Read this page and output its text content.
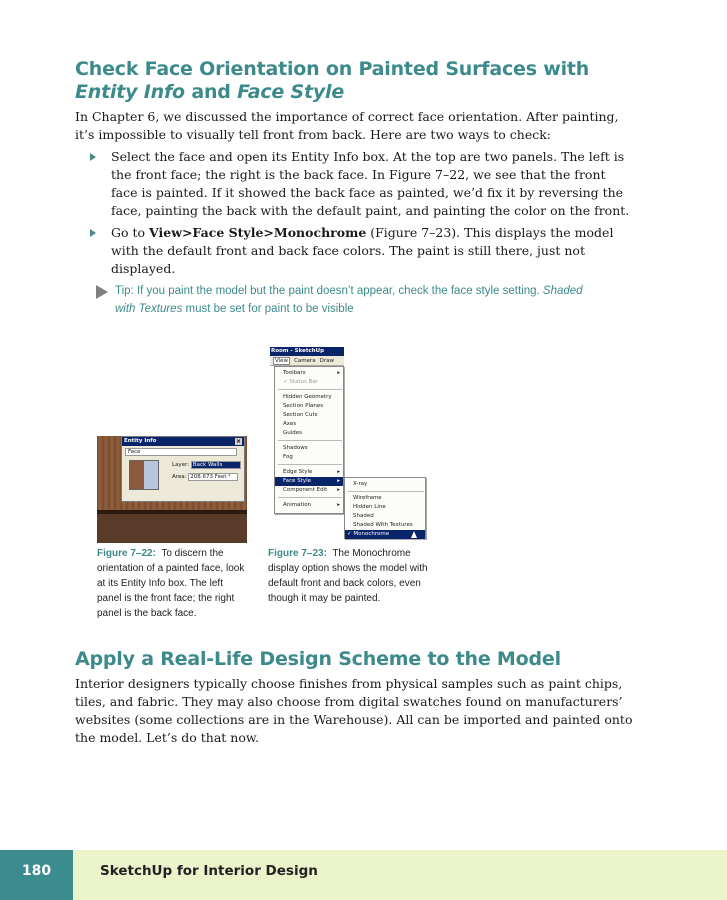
Check Face Orientation on Painted Surfaces with Entity Info and Face Style

In Chapter 6, we discussed the importance of correct face orientation. After painting, it’s impossible to visually tell front from back. Here are two ways to check:

Select the face and open its Entity Info box. At the top are two panels. The left is the front face; the right is the back face. In Figure 7–22, we see that the front face is painted. If it showed the back face as painted, we’d fix it by reversing the face, painting the back with the default paint, and painting the color on the front.
Go to View>Face Style>Monochrome (Figure 7–23). This displays the model with the default front and back face colors. The paint is still there, just not displayed.
Tip: If you paint the model but the paint doesn’t appear, check the face style setting. Shaded with Textures must be set for paint to be visible
Entity Info	×
Face
Layer: Back Walls
Area: 208.673 Feet ²
Room - SketchUp
View Camera Draw
Toolbars	▸
✓ Status Bar
Hidden Geometry
Section Planes
Section Cuts
Axes
Guides
Shadows
Fog
Edge Style	▸
Face Style	▸
Component Edit ▸
Animation	▸
X-ray
Wireframe
Hidden Line
Shaded
Shaded With Textures
✓ Monochrome

Figure 7–22: To discern the orientation of a painted face, look at its Entity Info box. The left panel is the front face; the right panel is the back face.

Figure 7–23: The Monochrome display option shows the model with default front and back colors, even though it may be painted.

Apply a Real-Life Design Scheme to the Model

Interior designers typically choose finishes from physical samples such as paint chips, tiles, and fabric. They may also choose from digital swatches found on manufacturers’ websites (some collections are in the Warehouse). All can be imported and painted onto the model. Let’s do that now.

180	SketchUp for Interior Design
